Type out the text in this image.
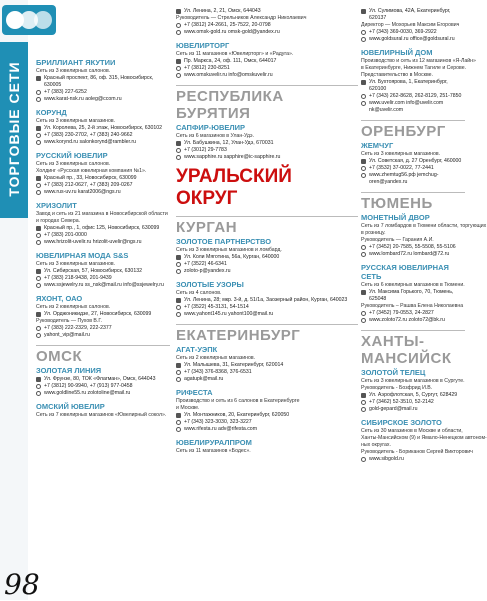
ТОРГОВЫЕ СЕТИ
98
БРИЛЛИАНТ ЯКУТИИ
Сеть из 3 ювелирных салонов.
Красный проспект, 86, оф. 315, Новосибирск, 630005
+7 (383) 227-6252
www.karat-nsk.ru aoleg@ccom.ru
КОРУНД
Сеть из 3 ювелирных магазинов.
Ул. Королева, 25, 2-й этаж, Новосибирск, 630102
+7 (383) 230-2702, +7 (383) 240-9662
www.korynd.ru salonkorynd@rambler.ru
РУССКИЙ ЮВЕЛИР
Сеть из 3 ювелирных салонов.
Холдинг «Русская ювелирная компания №1».
Красный пр., 33, Новосибирск, 630099
+7 (383) 212-0627, +7 (383) 209-0267
www.rus-uv.ru karat2006@ngs.ru
ХРИЗОЛИТ
Завод и сеть из 21 магазина в Новосибирской области
и городах Севера.
Красный пр., 1, офис 125, Новосибирск, 630099
+7 (383) 201-0000
www.hrizolit-uvelir.ru hrizolit-uvelir@ngs.ru
ЮВЕЛИРНАЯ МОДА S&S
Сеть из 3 ювелирных магазинов.
Ул. Сибирская, 57, Новосибирск, 630132
+7 (383) 218-9438, 201-9439
www.ssjewelry.ru ss_nsk@mail.ru info@ssjewelry.ru
ЯХОНТ, ОАО
Сеть из 2 ювелирных салонов.
Ул. Орджоникидзе, 27, Новосибирск, 630099
Руководитель — Пухов В.Г.
+7 (383) 222-2329, 222-2377
yahont_vip@mail.ru
ОМСК
ЗОЛОТАЯ ЛИНИЯ
Ул. Фрунзе, 80, ТОК «Флагман», Омск, 644043
+7 (3812) 90-9940, +7 (913) 977-0458
www.goldline55.ru zolotoline@mail.ru
ОМСКИЙ ЮВЕЛИР
Сеть из 7 ювелирных магазинов «Ювелирный сокол».
Ул. Ленина, 2, 21, Омск, 644043
Руководитель — Стрельников Александр Николаевич
+7 (3812) 24-2661, 25-7522, 20-0798
www.omsk-gold.ru omsk-gold@yandex.ru
ЮВЕЛИРТОРГ
Сеть из 11 магазинов «Ювелирторг» и «Радуга».
Пр. Маркса, 24, оф. 111, Омск, 644017
+7 (3812) 230-8251
www.omskuvelir.ru info@omskuvelir.ru
РЕСПУБЛИКА БУРЯТИЯ
САПФИР-ЮВЕЛИР
Сеть из 6 магазинов в Улан-Удэ.
Ул. Бабушкина, 12, Улан-Удэ, 670031
+7 (3012) 29-7783
www.sapphire.ru sapphire@ic-sapphire.ru
УРАЛЬСКИЙ ОКРУГ
КУРГАН
ЗОЛОТОЕ ПАРТНЕРСТВО
Сеть из 3 ювелирных магазинов и ломбард.
Ул. Коли Мяготина, 56а, Курган, 640000
+7 (3522) 46-6341
zoloto-p@yandex.ru
ЗОЛОТЫЕ УЗОРЫ
Сеть из 4 салонов.
Ул. Ленина, 28; мкр. 3-й, д. 51/1а, Заозерный район, Курган, 640023
+7 (3522) 45-3131, 54-1514
www.yahont145.ru yahont100@mail.ru
ЕКАТЕРИНБУРГ
АГАТ-УЭПК
Сеть из 2 ювелирных магазинов.
Ул. Малышева, 31, Екатеринбург, 620014
+7 (343) 376-8368, 376-6531
agatupk@mail.ru
РИФЕСТА
Производство и сеть из 6 салонов в Екатеринбурге
и Москве.
Ул. Монтажников, 20, Екатеринбург, 620050
+7 (343) 323-3030, 323-3227
www.rifesta.ru adv@rifesta.com
ЮВЕЛИРУРАЛПРОМ
Сеть из 11 магазинов «Бодес».
Ул. Сулимова, 42А, Екатеринбург, 620137
Директор — Мохорьев Максим Егорович
+7 (343) 369-0030, 369-2922
www.goldsural.ru office@goldsural.ru
ЮВЕЛИРНЫЙ ДОМ
Производство и сеть из 12 магазинов «Я-Лайн»
в Екатеринбурге, Нижнем Тагиле и Серове.
Представительство в Москве.
Ул. Бухтоярова, 1, Екатеринбург, 620100
+7 (343) 262-8628, 262-8129, 251-7850
www.uvelir.com info@uvelir.com nk@uvelir.com
ОРЕНБУРГ
ЖЕМЧУГ
Сеть из 3 ювелирных магазинов.
Ул. Советская, д. 27 Оренбург, 460000
+7 (3532) 37-0022, 77-2441
www.zhemtug56.pф jemchug-oren@yandex.ru
ТЮМЕНЬ
МОНЕТНЫЙ ДВОР
Сеть из 7 ломбардов в Тюмени области, торгующих
в розницу.
Руководитель — Гарания А.И.
+7 (3452) 20-7585, 55-5508, 55-5106
www.lombard72.ru lombard@72.ru
РУССКАЯ ЮВЕЛИРНАЯ СЕТЬ
Сеть из 6 ювелирных магазинов в Тюмени.
Ул. Максима Горького, 70, Тюмень, 625048
Руководитель – Рашва Елена Николаевна
+7 (3452) 79-0553, 24-2827
www.zoloto72.ru zoloto72@bk.ru
ХАНТЫ-МАНСИЙСК
ЗОЛОТОЙ ТЕЛЕЦ
Сеть из 3 ювелирных магазинов в Сургуте.
Руководитель - Бозфрид И.В.
Ул. Аэрофлотская, 5, Сургут, 628429
+7 (3462) 52-3510, 52-2142
gold-gepard@mail.ru
СИБИРСКОЕ ЗОЛОТО
Сеть из 30 магазинов в Москве и области,
Ханты-Мансийском (9) и Ямало-Ненецком автоном-
ных округах.
Руководитель - Бориканов Сергей Викторович
www.sibgold.ru
